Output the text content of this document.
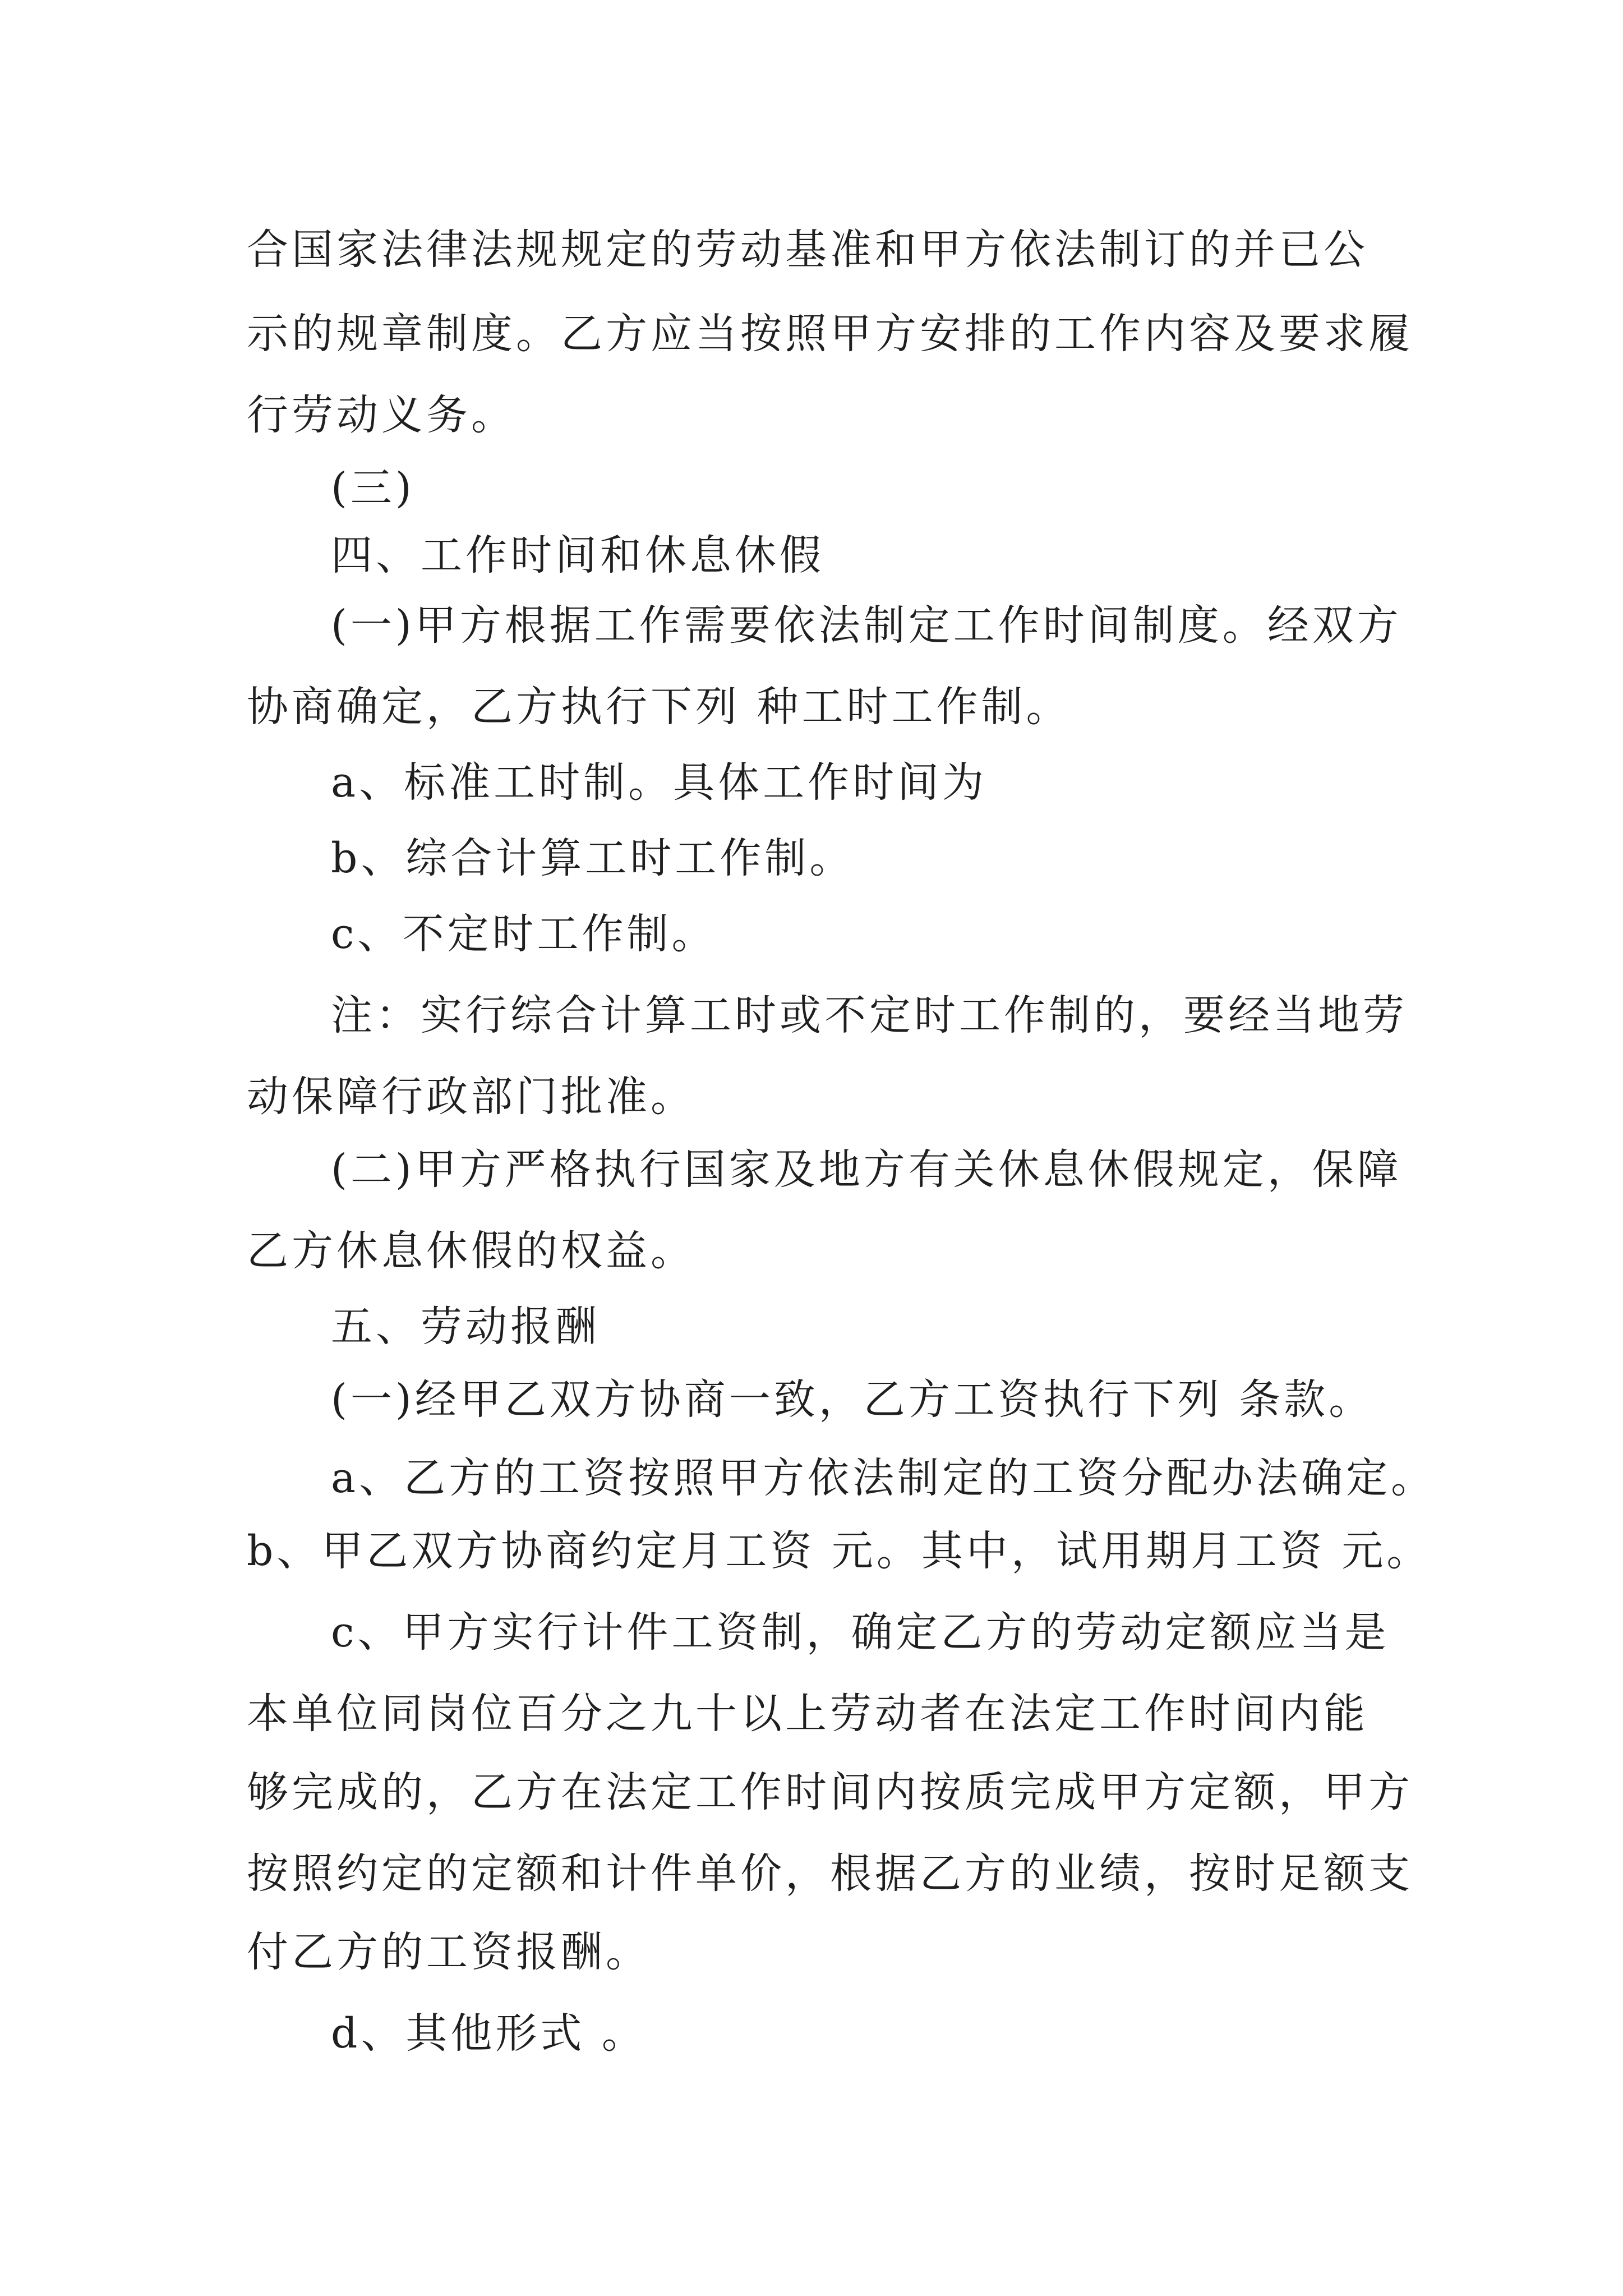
合国家法律法规规定的劳动基准和甲方依法制订的并已公

示的规章制度。乙方应当按照甲方安排的工作内容及要求履

行劳动义务。

(三)

四、工作时间和休息休假

(一)甲方根据工作需要依法制定工作时间制度。经双方

协商确定，乙方执行下列 种工时工作制。

a、标准工时制。具体工作时间为

b、综合计算工时工作制。

c、不定时工作制。

注：实行综合计算工时或不定时工作制的，要经当地劳

动保障行政部门批准。

(二)甲方严格执行国家及地方有关休息休假规定，保障

乙方休息休假的权益。

五、劳动报酬

(一)经甲乙双方协商一致，乙方工资执行下列 条款。

a、乙方的工资按照甲方依法制定的工资分配办法确定。

b、甲乙双方协商约定月工资 元。其中，试用期月工资 元。

c、甲方实行计件工资制，确定乙方的劳动定额应当是

本单位同岗位百分之九十以上劳动者在法定工作时间内能

够完成的，乙方在法定工作时间内按质完成甲方定额，甲方

按照约定的定额和计件单价，根据乙方的业绩，按时足额支

付乙方的工资报酬。

d、其他形式 。
